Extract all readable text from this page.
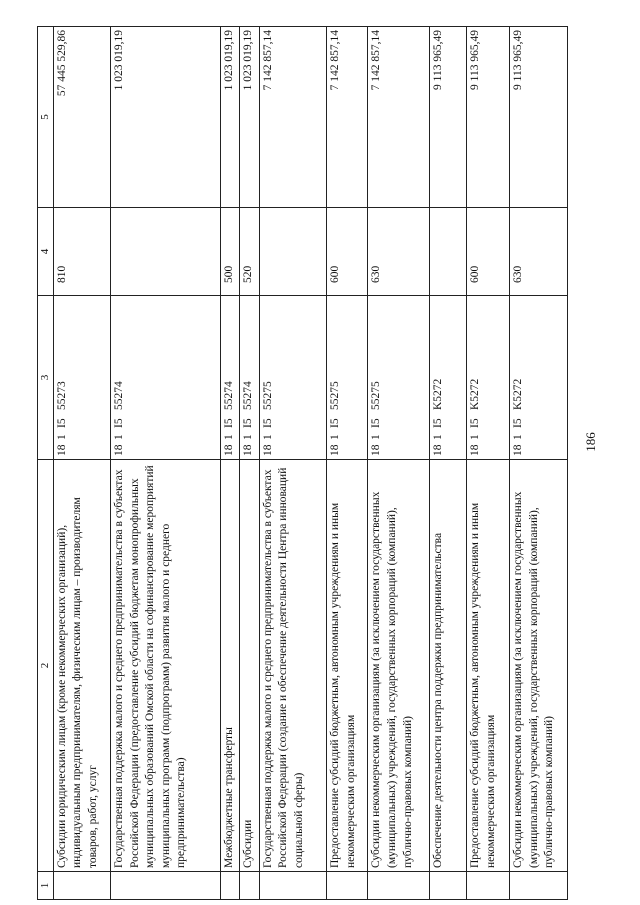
186
1	2	3	4	5
	Субсидии юридическим лицам (кроме некоммерческих организаций), индивидуальным предпринимателям, физическим лицам – производителям товаров, работ, услуг	181I555273	810	57 445 529,86
	Государственная поддержка малого и среднего предпринимательства в субъектах Российской Федерации (предоставление субсидий бюджетам монопрофильных муниципальных образований Омской области на софинансирование мероприятий муниципальных программ (подпрограмм) развития малого и среднего предпринимательства)	181I555274		1 023 019,19
	Межбюджетные трансферты	181I555274	500	1 023 019,19
	Субсидии	181I555274	520	1 023 019,19
	Государственная поддержка малого и среднего предпринимательства в субъектах Российской Федерации (создание и обеспечение деятельности Центра инноваций социальной сферы)	181I555275		7 142 857,14
	Предоставление субсидий бюджетным, автономным учреждениям и иным некоммерческим организациям	181I555275	600	7 142 857,14
	Субсидии некоммерческим организациям (за исключением государственных (муниципальных) учреждений, государственных корпораций (компаний), публично-правовых компаний)	181I555275	630	7 142 857,14
	Обеспечение деятельности центра поддержки предпринимательства	181I5K5272		9 113 965,49
	Предоставление субсидий бюджетным, автономным учреждениям и иным некоммерческим организациям	181I5K5272	600	9 113 965,49
	Субсидии некоммерческим организациям (за исключением государственных (муниципальных) учреждений, государственных корпораций (компаний), публично-правовых компаний)	181I5K5272	630	9 113 965,49
